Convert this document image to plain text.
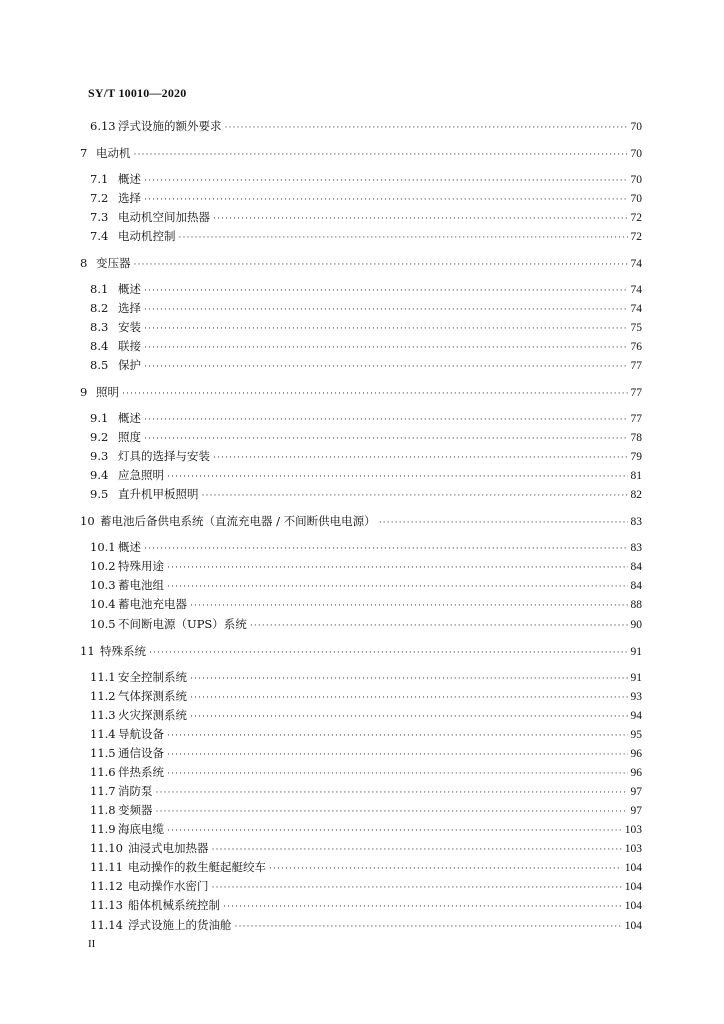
SY/T 10010—2020
6.13 浮式设施的额外要求 ·····	70
7 电动机 ·····	70
7.1 概述 ·····	70
7.2 选择 ·····	70
7.3 电动机空间加热器 ·····	72
7.4 电动机控制 ·····	72
8 变压器 ·····	74
8.1 概述 ·····	74
8.2 选择 ·····	74
8.3 安装 ·····	75
8.4 联接 ·····	76
8.5 保护 ·····	77
9 照明 ·····	77
9.1 概述 ·····	77
9.2 照度 ·····	78
9.3 灯具的选择与安装 ·····	79
9.4 应急照明 ·····	81
9.5 直升机甲板照明 ·····	82
10 蓄电池后备供电系统（直流充电器 / 不间断供电电源） ·····	83
10.1 概述 ·····	83
10.2 特殊用途 ·····	84
10.3 蓄电池组 ·····	84
10.4 蓄电池充电器 ·····	88
10.5 不间断电源（UPS）系统 ·····	90
11 特殊系统 ·····	91
11.1 安全控制系统 ·····	91
11.2 气体探测系统 ·····	93
11.3 火灾探测系统 ·····	94
11.4 导航设备 ·····	95
11.5 通信设备 ·····	96
11.6 伴热系统 ·····	96
11.7 消防泵 ·····	97
11.8 变频器 ·····	97
11.9 海底电缆 ·····	103
11.10 油浸式电加热器 ·····	103
11.11 电动操作的救生艇起艇绞车 ·····	104
11.12 电动操作水密门 ·····	104
11.13 船体机械系统控制 ·····	104
11.14 浮式设施上的货油舱 ·····	104
II
